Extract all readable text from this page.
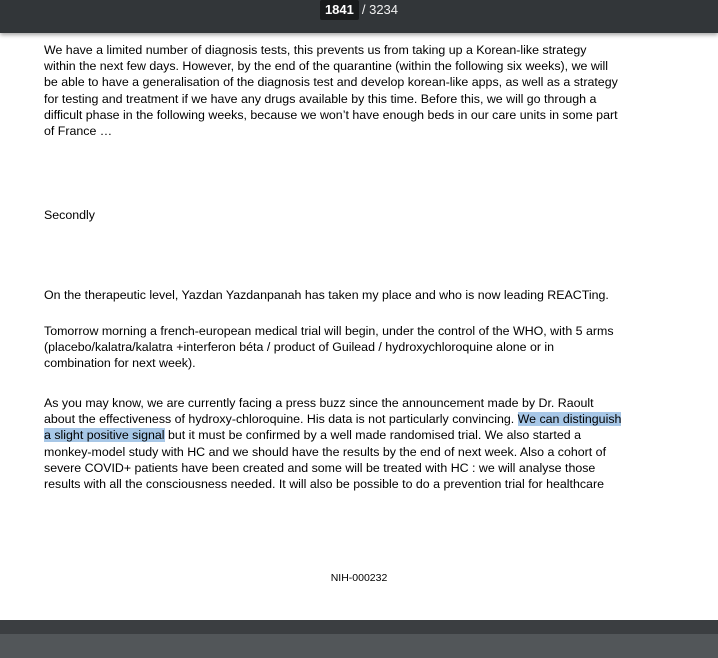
We have a limited number of diagnosis tests, this prevents us from taking up a Korean-like strategy
within the next few days. However, by the end of the quarantine (within the following six weeks), we will
be able to have a generalisation of the diagnosis test and develop korean-like apps, as well as a strategy
for testing and treatment if we have any drugs available by this time. Before this, we will go through a
difficult phase in the following weeks, because we won’t have enough beds in our care units in some part
of France …
Secondly
On the therapeutic level, Yazdan Yazdanpanah has taken my place and who is now leading REACTing.
Tomorrow morning a french-european medical trial will begin, under the control of the WHO, with 5 arms
(placebo/kalatra/kalatra +interferon béta / product of Guilead / hydroxychloroquine alone or in
combination for next week).
As you may know, we are currently facing a press buzz since the announcement made by Dr. Raoult
about the effectiveness of hydroxy-chloroquine. His data is not particularly convincing. We can distinguish
a slight positive signal but it must be confirmed by a well made randomised trial. We also started a
monkey-model study with HC and we should have the results by the end of next week. Also a cohort of
severe COVID+ patients have been created and some will be treated with HC : we will analyse those
results with all the consciousness needed. It will also be possible to do a prevention trial for healthcare
NIH-000232
1841 / 3234
